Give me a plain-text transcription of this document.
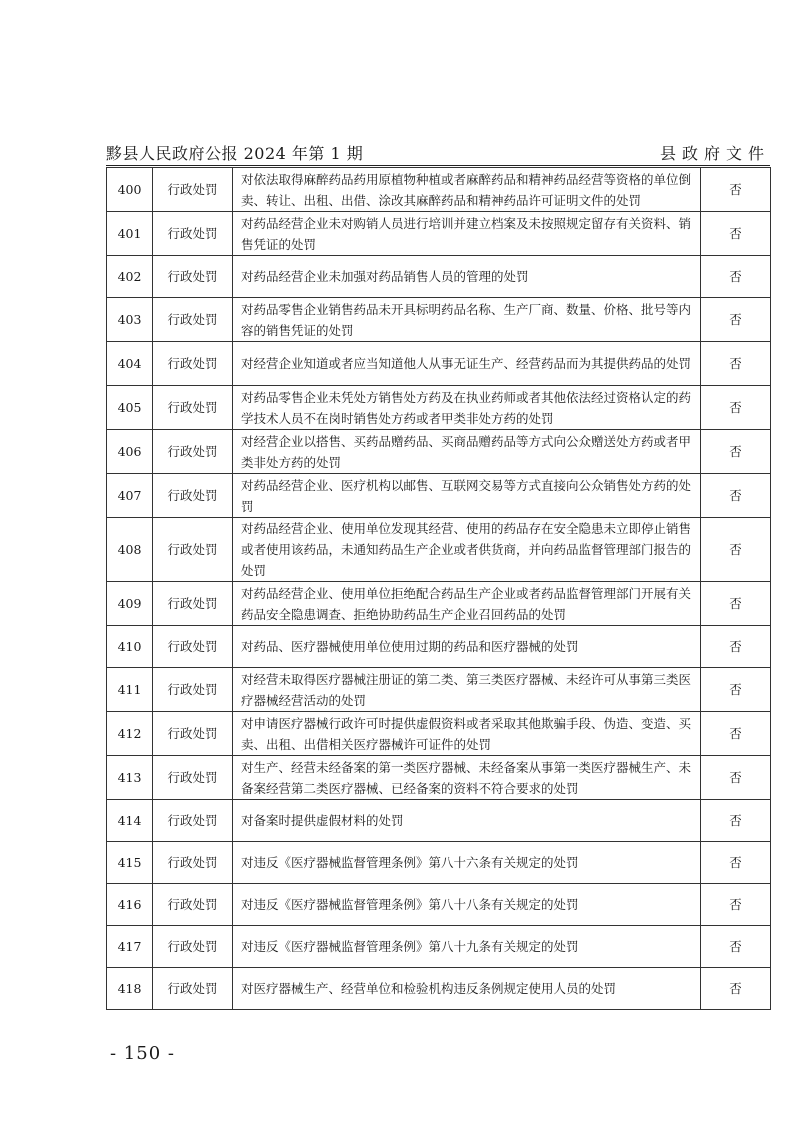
黟县人民政府公报 2024 年第 1 期	县政府文件
400	行政处罚	对依法取得麻醉药品药用原植物种植或者麻醉药品和精神药品经营等资格的单位倒卖、转让、出租、出借、涂改其麻醉药品和精神药品许可证明文件的处罚	否
401	行政处罚	对药品经营企业未对购销人员进行培训并建立档案及未按照规定留存有关资料、销售凭证的处罚	否
402	行政处罚	对药品经营企业未加强对药品销售人员的管理的处罚	否
403	行政处罚	对药品零售企业销售药品未开具标明药品名称、生产厂商、数量、价格、批号等内容的销售凭证的处罚	否
404	行政处罚	对经营企业知道或者应当知道他人从事无证生产、经营药品而为其提供药品的处罚	否
405	行政处罚	对药品零售企业未凭处方销售处方药及在执业药师或者其他依法经过资格认定的药学技术人员不在岗时销售处方药或者甲类非处方药的处罚	否
406	行政处罚	对经营企业以搭售、买药品赠药品、买商品赠药品等方式向公众赠送处方药或者甲类非处方药的处罚	否
407	行政处罚	对药品经营企业、医疗机构以邮售、互联网交易等方式直接向公众销售处方药的处罚	否
408	行政处罚	对药品经营企业、使用单位发现其经营、使用的药品存在安全隐患未立即停止销售或者使用该药品，未通知药品生产企业或者供货商，并向药品监督管理部门报告的处罚	否
409	行政处罚	对药品经营企业、使用单位拒绝配合药品生产企业或者药品监督管理部门开展有关药品安全隐患调查、拒绝协助药品生产企业召回药品的处罚	否
410	行政处罚	对药品、医疗器械使用单位使用过期的药品和医疗器械的处罚	否
411	行政处罚	对经营未取得医疗器械注册证的第二类、第三类医疗器械、未经许可从事第三类医疗器械经营活动的处罚	否
412	行政处罚	对申请医疗器械行政许可时提供虚假资料或者采取其他欺骗手段、伪造、变造、买卖、出租、出借相关医疗器械许可证件的处罚	否
413	行政处罚	对生产、经营未经备案的第一类医疗器械、未经备案从事第一类医疗器械生产、未备案经营第二类医疗器械、已经备案的资料不符合要求的处罚	否
414	行政处罚	对备案时提供虚假材料的处罚	否
415	行政处罚	对违反《医疗器械监督管理条例》第八十六条有关规定的处罚	否
416	行政处罚	对违反《医疗器械监督管理条例》第八十八条有关规定的处罚	否
417	行政处罚	对违反《医疗器械监督管理条例》第八十九条有关规定的处罚	否
418	行政处罚	对医疗器械生产、经营单位和检验机构违反条例规定使用人员的处罚	否
- 150 -
